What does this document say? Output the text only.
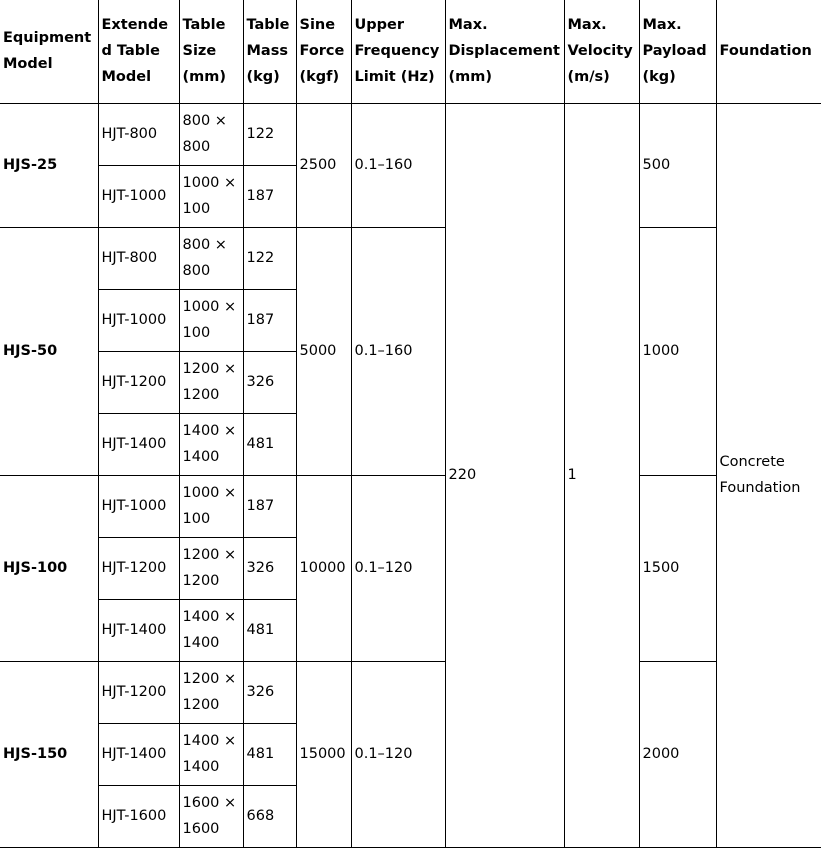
Equipment Model	Extended Table Model	Table Size (mm)	Table Mass (kg)	Sine Force (kgf)	Upper Frequency Limit (Hz)	Max. Displacement (mm)	Max. Velocity (m/s)	Max. Payload (kg)	Foundation
HJS-25	HJT-800	800 × 800	122	2500	0.1–160	220	1	500	Concrete Foundation
	HJT-1000	1000 × 100	187						
HJS-50	HJT-800	800 × 800	122	5000	0.1–160			1000	
	HJT-1000	1000 × 100	187						
	HJT-1200	1200 × 1200	326						
	HJT-1400	1400 × 1400	481						
HJS-100	HJT-1000	1000 × 100	187	10000	0.1–120			1500	
	HJT-1200	1200 × 1200	326						
	HJT-1400	1400 × 1400	481						
HJS-150	HJT-1200	1200 × 1200	326	15000	0.1–120			2000	
	HJT-1400	1400 × 1400	481						
	HJT-1600	1600 × 1600	668						
